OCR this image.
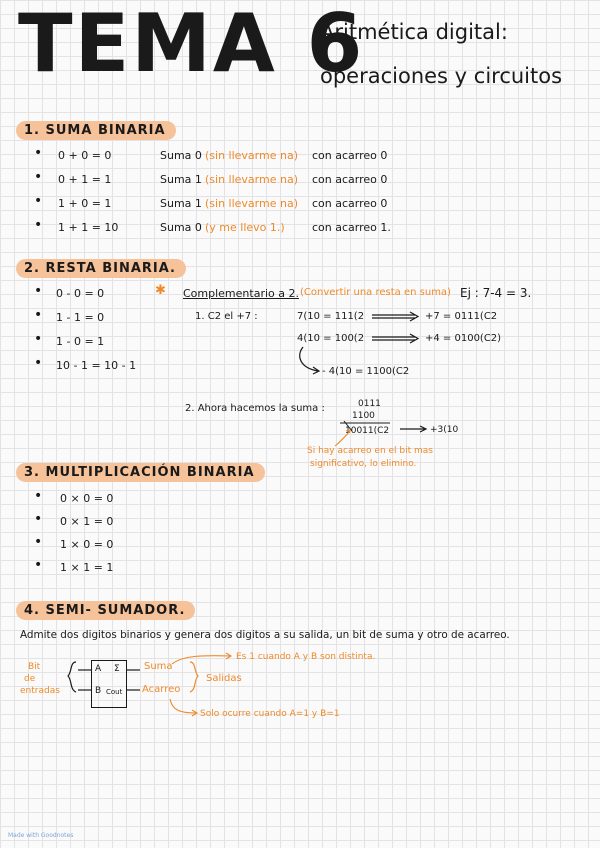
TEMA 6
Aritmética digital:
operaciones y circuitos
1. SUMA BINARIA
• 0 + 0 = 0	Suma 0 (sin llevarme na) con acarreo 0
• 0 + 1 = 1	Suma 1 (sin llevarme na) con acarreo 0
• 1 + 0 = 1	Suma 1 (sin llevarme na) con acarreo 0
• 1 + 1 = 10	Suma 0 (y me llevo 1.) con acarreo 1.
2. RESTA BINARIA.
• 0 - 0 = 0
• 1 - 1 = 0
• 1 - 0 = 1
• 10 - 1 = 10 - 1
✱ Complementario a 2. (Convertir una resta en suma) Ej : 7-4 = 3.
1. C2 el +7 :	7(10 = 111(2	+7 = 0111(C2
4(10 = 100(2	+4 = 0100(C2)
- 4(10 = 1100(C2
2. Ahora hacemos la suma :	0111
1100
10011(C2	+3(10
Si hay acarreo en el bit mas
significativo, lo elimino.
3. MULTIPLICACIÓN BINARIA
• 0 × 0 = 0
• 0 × 1 = 0
• 1 × 0 = 0
• 1 × 1 = 1
4. SEMI- SUMADOR.
Admite dos digitos binarios y genera dos digitos a su salida, un bit de suma y otro de acarreo.
Bit
de
entradas
A
B
Σ
Cout
Suma
Acarreo
Salidas
Es 1 cuando A y B son distinta.
Solo ocurre cuando A=1 y B=1
Made with Goodnotes
